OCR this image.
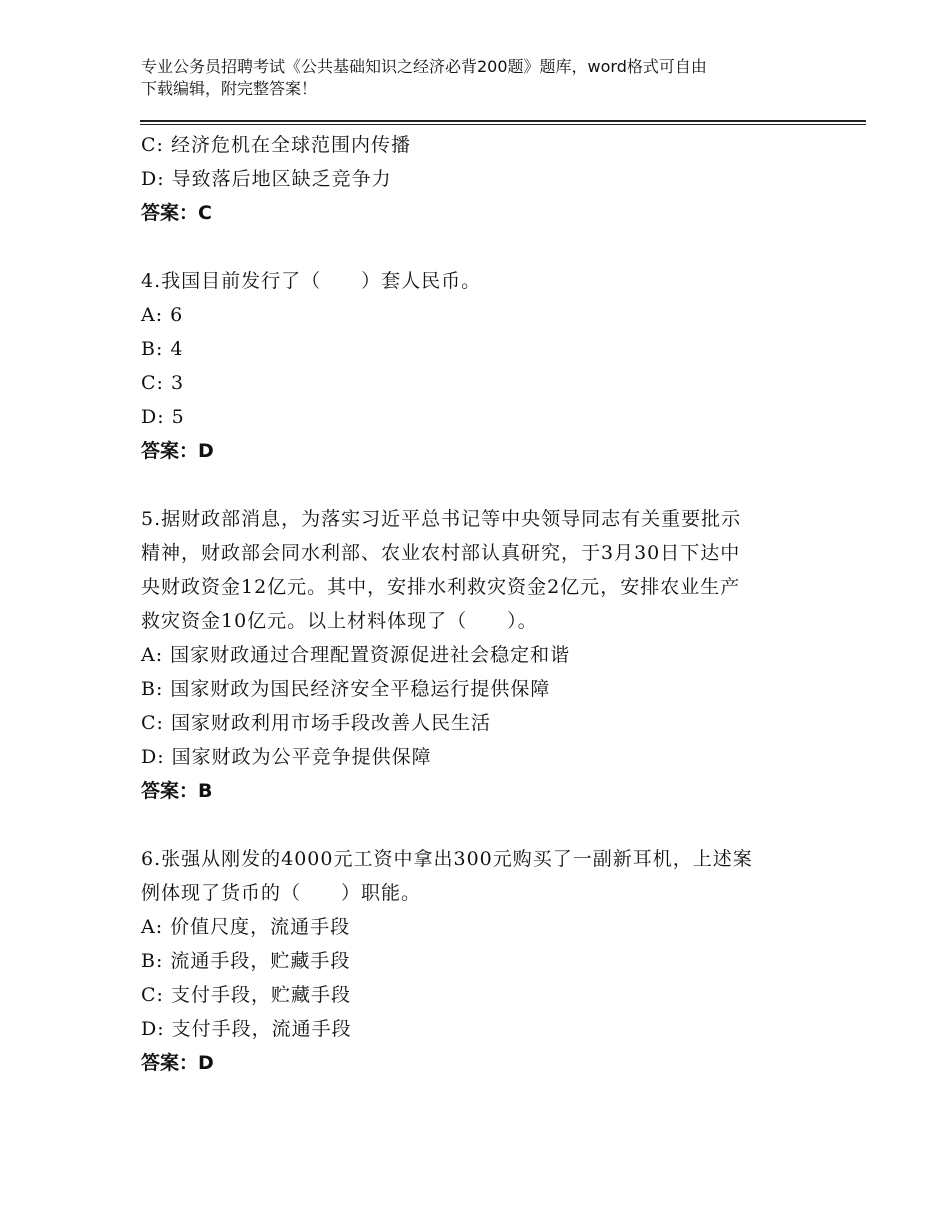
专业公务员招聘考试《公共基础知识之经济必背200题》题库，word格式可自由
下载编辑，附完整答案！
C: 经济危机在全球范围内传播
D: 导致落后地区缺乏竞争力
答案：C
4.我国目前发行了（　　）套人民币。
A: 6
B: 4
C: 3
D: 5
答案：D
5.据财政部消息，为落实习近平总书记等中央领导同志有关重要批示
精神，财政部会同水利部、农业农村部认真研究，于3月30日下达中
央财政资金12亿元。其中，安排水利救灾资金2亿元，安排农业生产
救灾资金10亿元。以上材料体现了（　　）。
A: 国家财政通过合理配置资源促进社会稳定和谐
B: 国家财政为国民经济安全平稳运行提供保障
C: 国家财政利用市场手段改善人民生活
D: 国家财政为公平竞争提供保障
答案：B
6.张强从刚发的4000元工资中拿出300元购买了一副新耳机，上述案
例体现了货币的（　　）职能。
A: 价值尺度，流通手段
B: 流通手段，贮藏手段
C: 支付手段，贮藏手段
D: 支付手段，流通手段
答案：D
